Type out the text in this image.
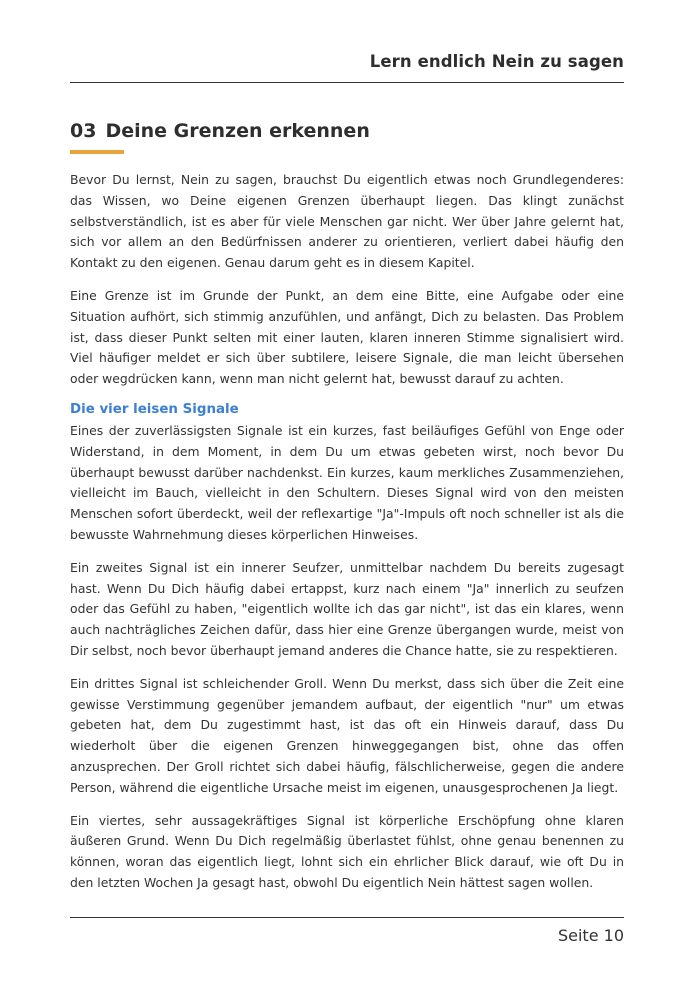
Lern endlich Nein zu sagen
03 Deine Grenzen erkennen

Bevor Du lernst, Nein zu sagen, brauchst Du eigentlich etwas noch Grundlegenderes: das Wissen, wo Deine eigenen Grenzen überhaupt liegen. Das klingt zunächst selbstverständlich, ist es aber für viele Menschen gar nicht. Wer über Jahre gelernt hat, sich vor allem an den Bedürfnissen anderer zu orientieren, verliert dabei häufig den Kontakt zu den eigenen. Genau darum geht es in diesem Kapitel.

Eine Grenze ist im Grunde der Punkt, an dem eine Bitte, eine Aufgabe oder eine Situation aufhört, sich stimmig anzufühlen, und anfängt, Dich zu belasten. Das Problem ist, dass dieser Punkt selten mit einer lauten, klaren inneren Stimme signalisiert wird. Viel häufiger meldet er sich über subtilere, leisere Signale, die man leicht übersehen oder wegdrücken kann, wenn man nicht gelernt hat, bewusst darauf zu achten.

Die vier leisen Signale

Eines der zuverlässigsten Signale ist ein kurzes, fast beiläufiges Gefühl von Enge oder Widerstand, in dem Moment, in dem Du um etwas gebeten wirst, noch bevor Du überhaupt bewusst darüber nachdenkst. Ein kurzes, kaum merkliches Zusammenziehen, vielleicht im Bauch, vielleicht in den Schultern. Dieses Signal wird von den meisten Menschen sofort überdeckt, weil der reflexartige "Ja"-Impuls oft noch schneller ist als die bewusste Wahrnehmung dieses körperlichen Hinweises.

Ein zweites Signal ist ein innerer Seufzer, unmittelbar nachdem Du bereits zugesagt hast. Wenn Du Dich häufig dabei ertappst, kurz nach einem "Ja" innerlich zu seufzen oder das Gefühl zu haben, "eigentlich wollte ich das gar nicht", ist das ein klares, wenn auch nachträgliches Zeichen dafür, dass hier eine Grenze übergangen wurde, meist von Dir selbst, noch bevor überhaupt jemand anderes die Chance hatte, sie zu respektieren.

Ein drittes Signal ist schleichender Groll. Wenn Du merkst, dass sich über die Zeit eine gewisse Verstimmung gegenüber jemandem aufbaut, der eigentlich "nur" um etwas gebeten hat, dem Du zugestimmt hast, ist das oft ein Hinweis darauf, dass Du wiederholt über die eigenen Grenzen hinweggegangen bist, ohne das offen anzusprechen. Der Groll richtet sich dabei häufig, fälschlicherweise, gegen die andere Person, während die eigentliche Ursache meist im eigenen, unausgesprochenen Ja liegt.

Ein viertes, sehr aussagekräftiges Signal ist körperliche Erschöpfung ohne klaren äußeren Grund. Wenn Du Dich regelmäßig überlastet fühlst, ohne genau benennen zu können, woran das eigentlich liegt, lohnt sich ein ehrlicher Blick darauf, wie oft Du in den letzten Wochen Ja gesagt hast, obwohl Du eigentlich Nein hättest sagen wollen.

Seite 10
